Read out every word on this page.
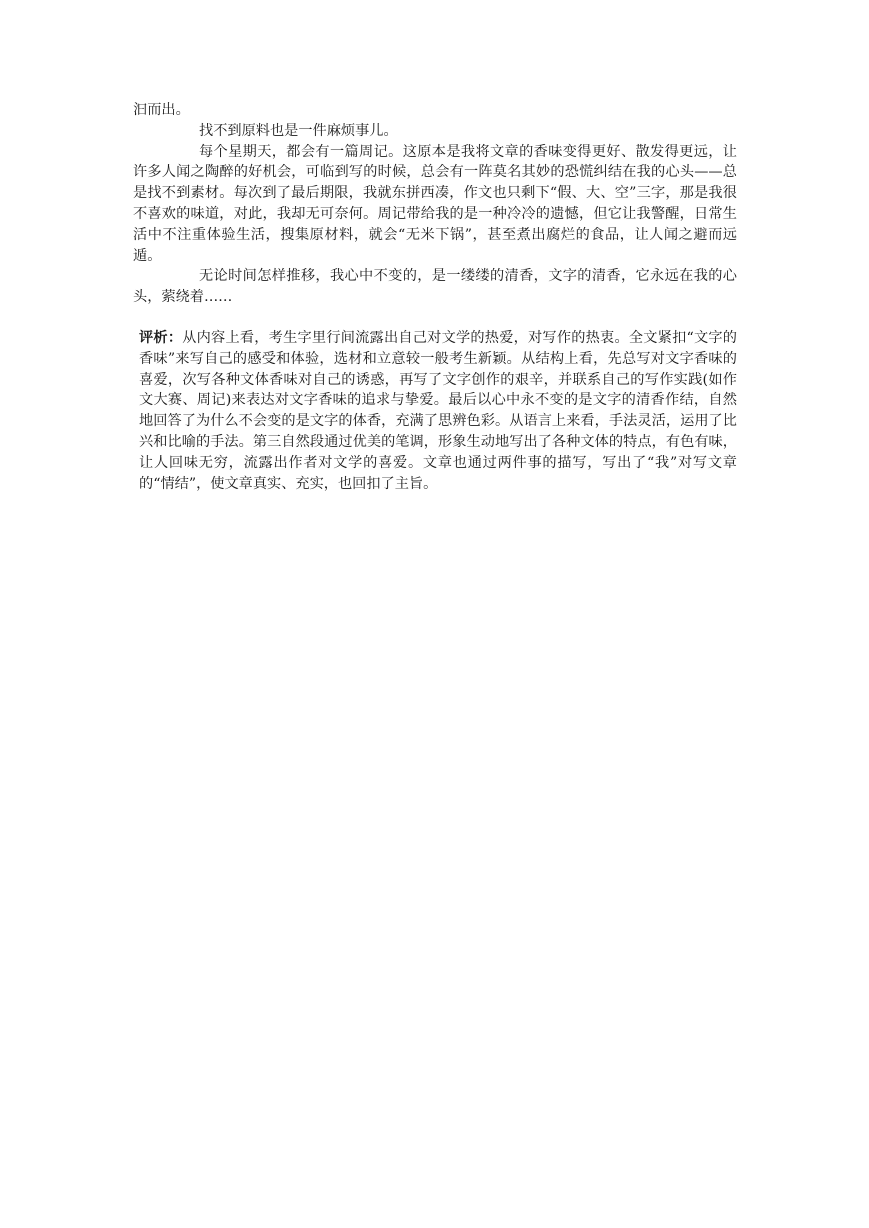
汩而出。

找不到原料也是一件麻烦事儿。

每个星期天，都会有一篇周记。这原本是我将文章的香味变得更好、散发得更远，让许多人闻之陶醉的好机会，可临到写的时候，总会有一阵莫名其妙的恐慌纠结在我的心头——总是找不到素材。每次到了最后期限，我就东拼西凑，作文也只剩下“假、大、空”三字，那是我很不喜欢的味道，对此，我却无可奈何。周记带给我的是一种冷冷的遗憾，但它让我警醒，日常生活中不注重体验生活，搜集原材料，就会“无米下锅”，甚至煮出腐烂的食品，让人闻之避而远遁。

无论时间怎样推移，我心中不变的，是一缕缕的清香，文字的清香，它永远在我的心头，萦绕着……

评析：从内容上看，考生字里行间流露出自己对文学的热爱，对写作的热衷。全文紧扣“文字的香味”来写自己的感受和体验，选材和立意较一般考生新颖。从结构上看，先总写对文字香味的喜爱，次写各种文体香味对自己的诱惑，再写了文字创作的艰辛，并联系自己的写作实践(如作文大赛、周记)来表达对文字香味的追求与挚爱。最后以心中永不变的是文字的清香作结，自然地回答了为什么不会变的是文字的体香，充满了思辨色彩。从语言上来看，手法灵活，运用了比兴和比喻的手法。第三自然段通过优美的笔调，形象生动地写出了各种文体的特点，有色有味，让人回味无穷，流露出作者对文学的喜爱。文章也通过两件事的描写，写出了“我”对写文章的“情结”，使文章真实、充实，也回扣了主旨。
